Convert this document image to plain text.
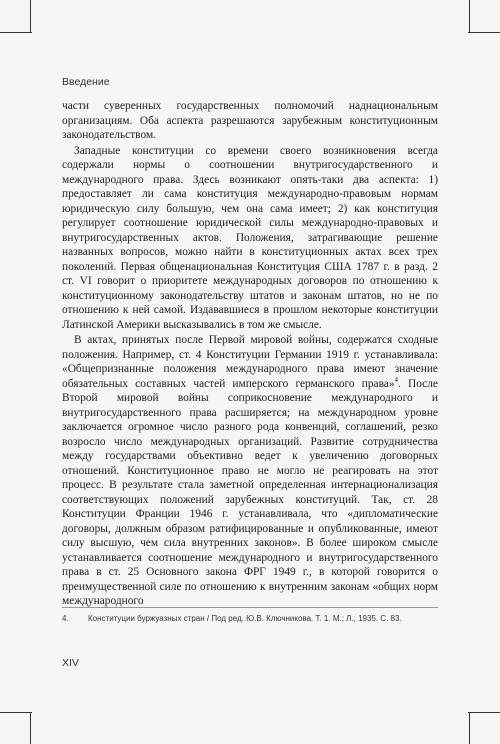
Введение

части суверенных государственных полномочий наднациональным организациям. Оба аспекта разрешаются зарубежным конституционным законодательством.

Западные конституции со времени своего возникновения всегда содержали нормы о соотношении внутригосударственного и международного права. Здесь возникают опять-таки два аспекта: 1) предоставляет ли сама конституция международно-правовым нормам юридическую силу большую, чем она сама имеет; 2) как конституция регулирует соотношение юридической силы международно-правовых и внутригосударственных актов. Положения, затрагивающие решение названных вопросов, можно найти в конституционных актах всех трех поколений. Первая общенациональная Конституция США 1787 г. в разд. 2 ст. VI говорит о приоритете международных договоров по отношению к конституционному законодательству штатов и законам штатов, но не по отношению к ней самой. Издававшиеся в прошлом некоторые конституции Латинской Америки высказывались в том же смысле.

В актах, принятых после Первой мировой войны, содержатся сходные положения. Например, ст. 4 Конституции Германии 1919 г. устанавливала: «Общепризнанные положения международного права имеют значение обязательных составных частей имперского германского права»$^4$. После Второй мировой войны соприкосновение международного и внутригосударственного права расширяется; на международном уровне заключается огромное число разного рода конвенций, соглашений, резко возросло число международных организаций. Развитие сотрудничества между государствами объективно ведет к увеличению договорных отношений. Конституционное право не могло не реагировать на этот процесс. В результате стала заметной определенная интернационализация соответствующих положений зарубежных конституций. Так, ст. 28 Конституции Франции 1946 г. устанавливала, что «дипломатические договоры, должным образом ратифицированные и опубликованные, имеют силу высшую, чем сила внутренних законов». В более широком смысле устанавливается соотношение международного и внутригосударственного права в ст. 25 Основного закона ФРГ 1949 г., в которой говорится о преимущественной силе по отношению к внутренним законам «общих норм международного

4. Конституции буржуазных стран / Под ред. Ю.В. Ключникова. Т. 1. М.; Л., 1935. С. 83.
XIV
